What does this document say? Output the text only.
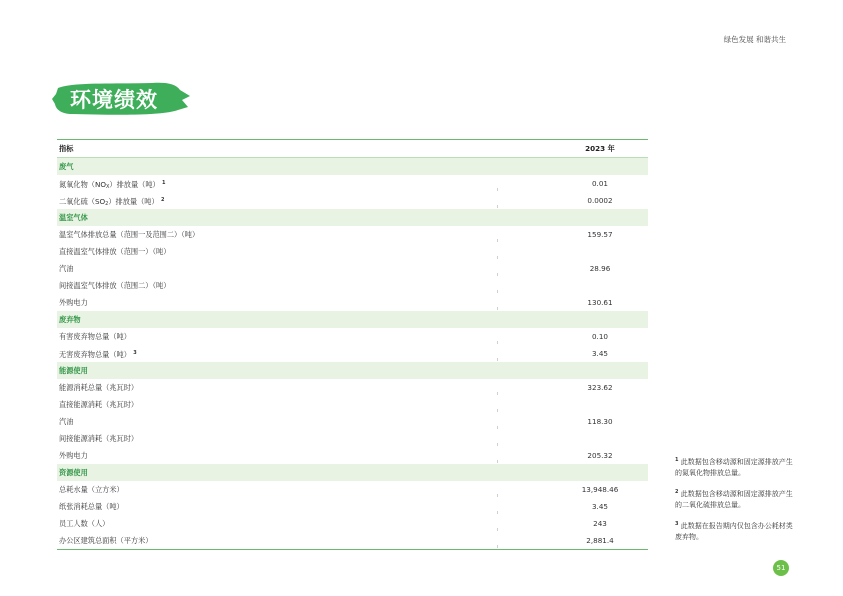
绿色发展 和谐共生
环境绩效
指标	2023 年
废气
氮氧化物$(NO_X)$排放量（吨） $^1$	0.01
二氧化硫$(SO_2)$排放量（吨） $^2$	0.0002
温室气体
温室气体排放总量（范围一及范围二）（吨）	159.57
直接温室气体排放（范围一）（吨）
汽油	28.96
间接温室气体排放（范围二）（吨）
外购电力	130.61
废弃物
有害废弃物总量（吨）	0.10
无害废弃物总量（吨） $^3$	3.45
能源使用
能源消耗总量（兆瓦时）	323.62
直接能源消耗（兆瓦时）
汽油	118.30
间接能源消耗（兆瓦时）
外购电力	205.32
资源使用
总耗水量（立方米）	13,948.46
纸张消耗总量（吨）	3.45
员工人数（人）	243
办公区建筑总面积（平方米）	2,881.4
$^1$ 此数据包含移动源和固定源排放产生的氮氧化物排放总量。
$^2$ 此数据包含移动源和固定源排放产生的二氧化硫排放总量。
$^3$ 此数据在报告期内仅包含办公耗材类废弃物。
51
